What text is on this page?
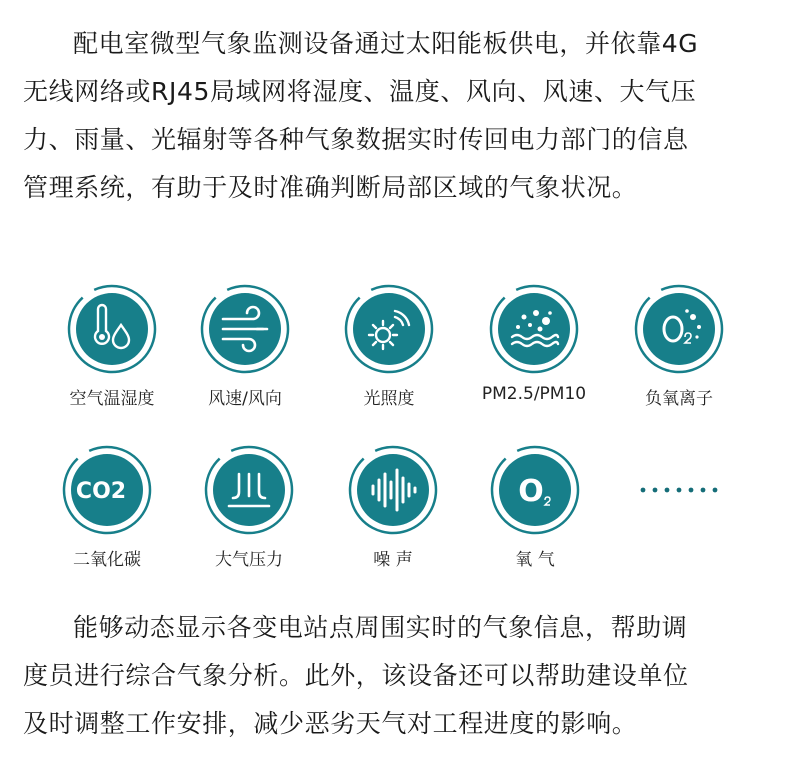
配电室微型气象监测设备通过太阳能板供电，并依靠4G
无线网络或RJ45局域网将湿度、温度、风向、风速、大气压
力、雨量、光辐射等各种气象数据实时传回电力部门的信息
管理系统，有助于及时准确判断局部区域的气象状况。

空气温湿度	风速/风向	光照度	PM2.5/PM10	负氧离子
CO2
二氧化碳	大气压力	噪 声
O
氧 气

能够动态显示各变电站点周围实时的气象信息，帮助调
度员进行综合气象分析。此外，该设备还可以帮助建设单位
及时调整工作安排，减少恶劣天气对工程进度的影响。
